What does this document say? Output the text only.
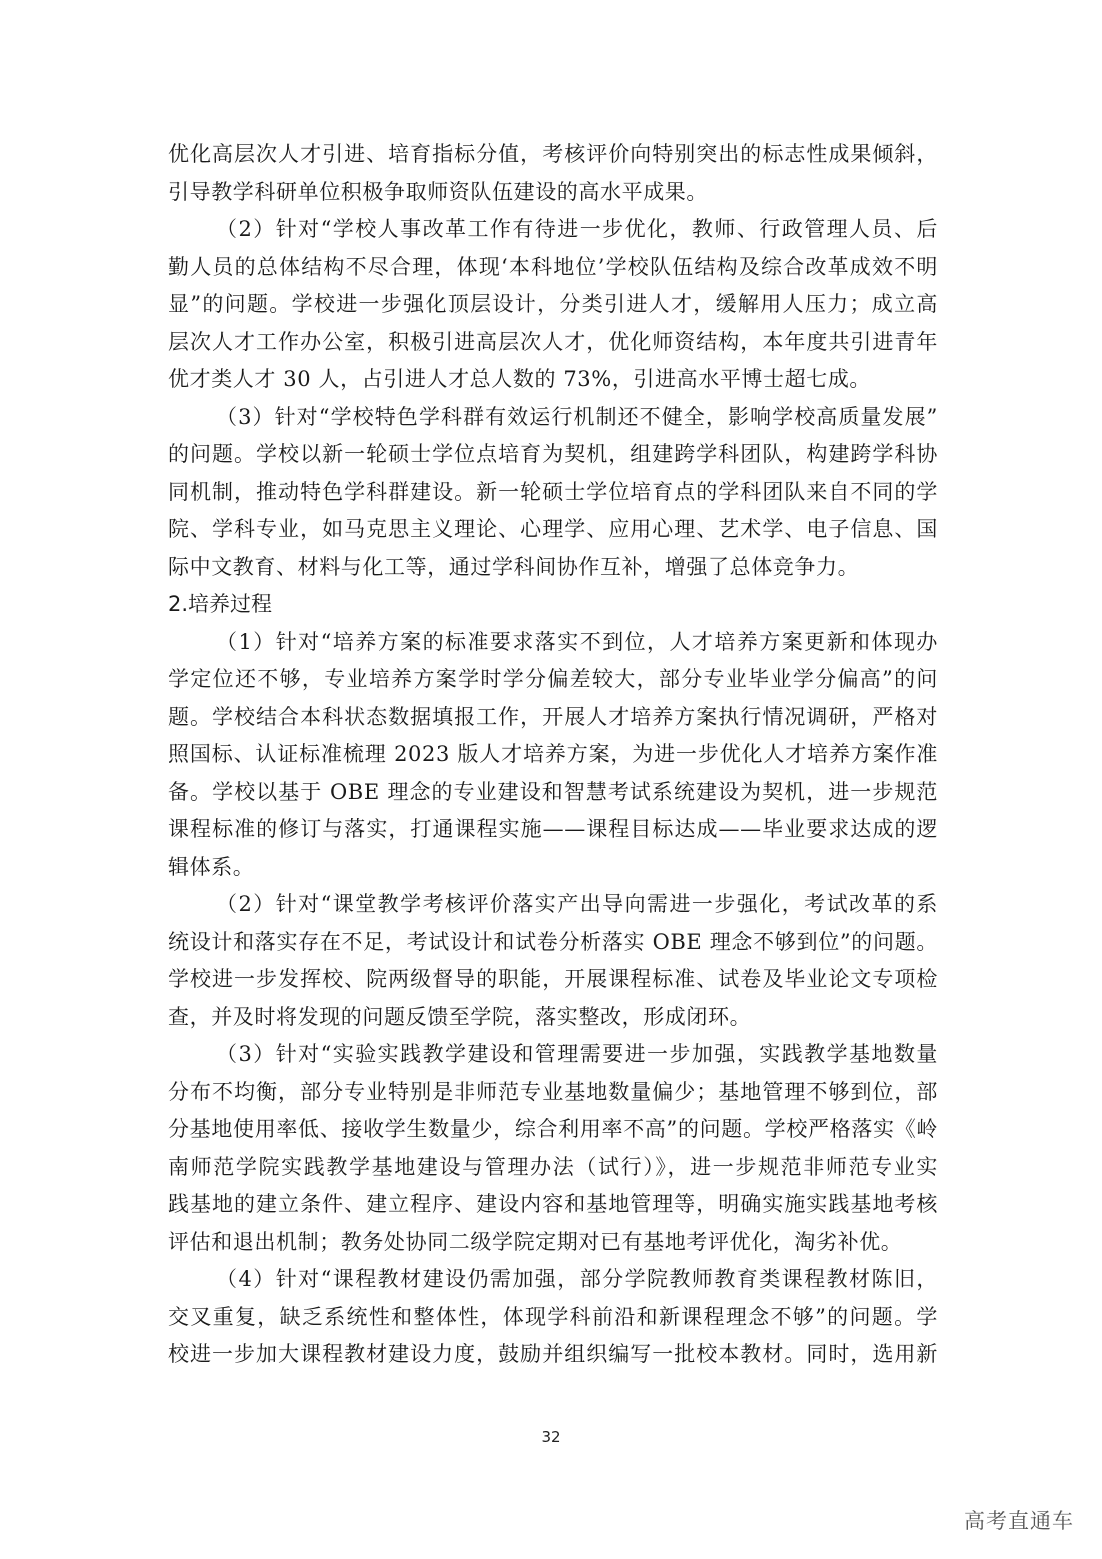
优化高层次人才引进、培育指标分值，考核评价向特别突出的标志性成果倾斜，
引导教学科研单位积极争取师资队伍建设的高水平成果。
（2）针对“学校人事改革工作有待进一步优化，教师、行政管理人员、后
勤人员的总体结构不尽合理，体现‘本科地位’学校队伍结构及综合改革成效不明
显”的问题。学校进一步强化顶层设计，分类引进人才，缓解用人压力；成立高
层次人才工作办公室，积极引进高层次人才，优化师资结构，本年度共引进青年
优才类人才 30 人，占引进人才总人数的 73%，引进高水平博士超七成。
（3）针对“学校特色学科群有效运行机制还不健全，影响学校高质量发展”
的问题。学校以新一轮硕士学位点培育为契机，组建跨学科团队，构建跨学科协
同机制，推动特色学科群建设。新一轮硕士学位培育点的学科团队来自不同的学
院、学科专业，如马克思主义理论、心理学、应用心理、艺术学、电子信息、国
际中文教育、材料与化工等，通过学科间协作互补，增强了总体竞争力。
2.培养过程
（1）针对“培养方案的标准要求落实不到位，人才培养方案更新和体现办
学定位还不够，专业培养方案学时学分偏差较大，部分专业毕业学分偏高”的问
题。学校结合本科状态数据填报工作，开展人才培养方案执行情况调研，严格对
照国标、认证标准梳理 2023 版人才培养方案，为进一步优化人才培养方案作准
备。学校以基于 OBE 理念的专业建设和智慧考试系统建设为契机，进一步规范
课程标准的修订与落实，打通课程实施——课程目标达成——毕业要求达成的逻
辑体系。
（2）针对“课堂教学考核评价落实产出导向需进一步强化，考试改革的系
统设计和落实存在不足，考试设计和试卷分析落实 OBE 理念不够到位”的问题。
学校进一步发挥校、院两级督导的职能，开展课程标准、试卷及毕业论文专项检
查，并及时将发现的问题反馈至学院，落实整改，形成闭环。
（3）针对“实验实践教学建设和管理需要进一步加强，实践教学基地数量
分布不均衡，部分专业特别是非师范专业基地数量偏少；基地管理不够到位，部
分基地使用率低、接收学生数量少，综合利用率不高”的问题。学校严格落实《岭
南师范学院实践教学基地建设与管理办法（试行）》，进一步规范非师范专业实
践基地的建立条件、建立程序、建设内容和基地管理等，明确实施实践基地考核
评估和退出机制；教务处协同二级学院定期对已有基地考评优化，淘劣补优。
（4）针对“课程教材建设仍需加强，部分学院教师教育类课程教材陈旧，
交叉重复，缺乏系统性和整体性，体现学科前沿和新课程理念不够”的问题。学
校进一步加大课程教材建设力度，鼓励并组织编写一批校本教材。同时，选用新
32
高考直通车
